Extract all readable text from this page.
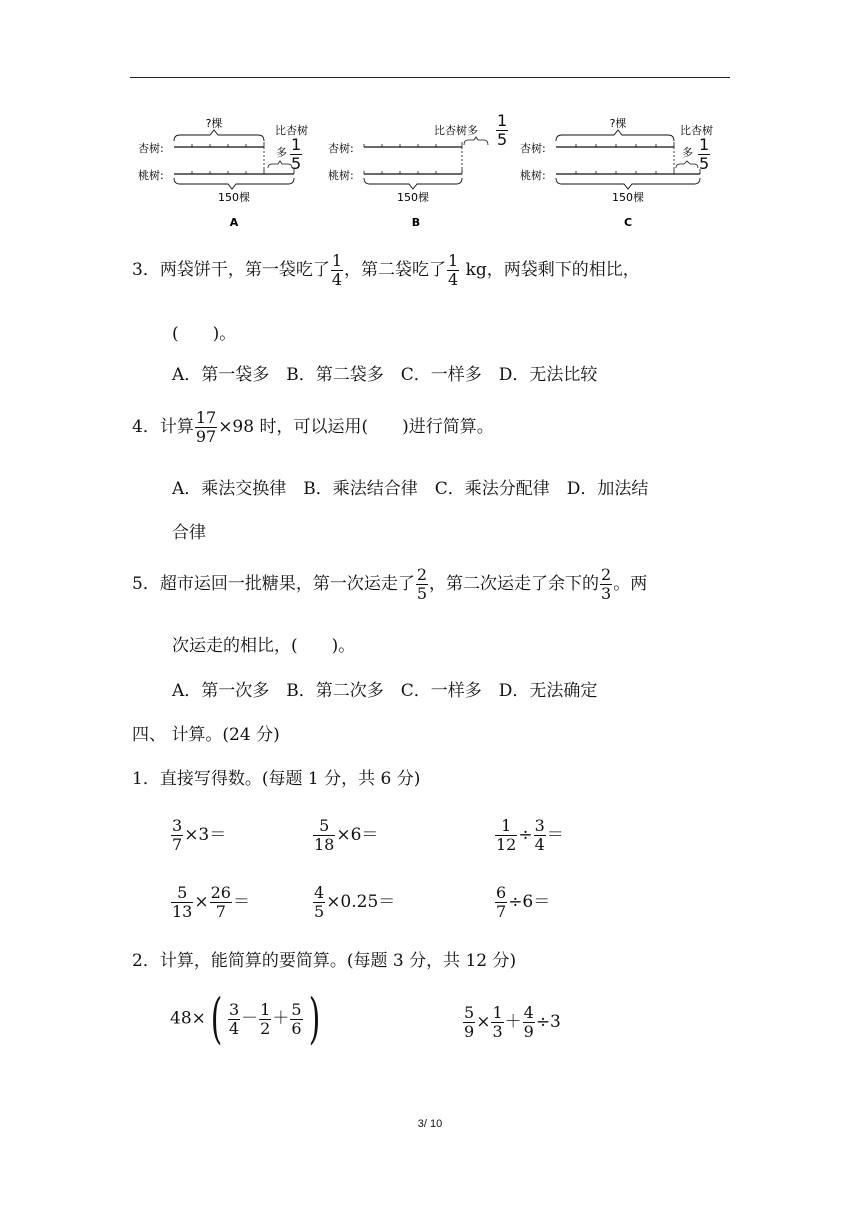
?棵
杏树:
桃树:
比杏树
多
150棵
A
$\frac{1}{5}$
比杏树多
杏树:
桃树:
150棵
B
$\frac{1}{5}$	?棵
杏树:
桃树:
比杏树
多
150棵
C
$\frac{1}{5}$
3．两袋饼干，第一袋吃了 $\frac{1}{4}$ ，第二袋吃了 $\frac{1}{4}$ kg，两袋剩下的相比，
(　　)。
A．第一袋多　B．第二袋多　C．一样多　D．无法比较
4．计算 $\frac{17}{97} \times 98$ 时，可以运用(　　)进行简算。
A．乘法交换律　B．乘法结合律　C．乘法分配律　D．加法结
合律
5．超市运回一批糖果，第一次运走了 $\frac{2}{5}$ ，第二次运走了余下的 $\frac{2}{3}$ 。两
次运走的相比，(　　)。
A．第一次多　B．第二次多　C．一样多　D．无法确定
四、 计算。(24 分)
1．直接写得数。(每题 1 分，共 6 分)
$\frac{3}{7} \times 3=$	$\frac{5}{18} \times 6=$	$\frac{1}{12} \div \frac{3}{4}$ ＝
$\frac{5}{13} \times \frac{26}{7}$ ＝	$\frac{4}{5} \times 0.25=$	$\frac{6}{7} \div 6=$
2．计算，能简算的要简算。(每题 3 分，共 12 分)
$48\times( \frac{3}{4} - \frac{1}{2} + \frac{5}{6}$ )	$\frac{5}{9} \times \frac{1}{3} + \frac{4}{9} \div 3$
3/ 10
